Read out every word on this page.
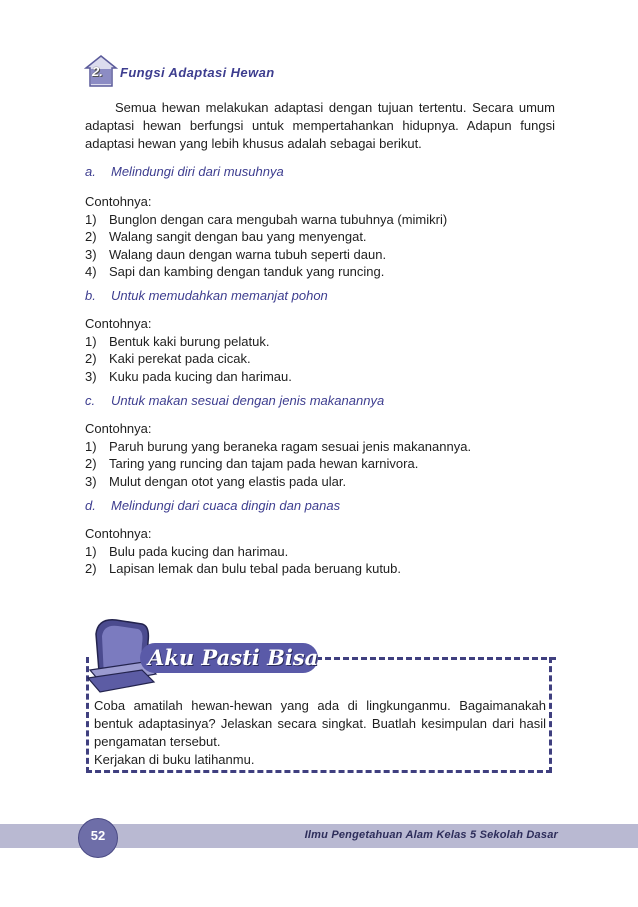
2. Fungsi Adaptasi Hewan
Semua hewan melakukan adaptasi dengan tujuan tertentu. Secara umum adaptasi hewan berfungsi untuk mempertahankan hidupnya. Adapun fungsi adaptasi hewan yang lebih khusus adalah sebagai berikut.
a. Melindungi diri dari musuhnya
Contohnya:
1) Bunglon dengan cara mengubah warna tubuhnya (mimikri)
2) Walang sangit dengan bau yang menyengat.
3) Walang daun dengan warna tubuh seperti daun.
4) Sapi dan kambing dengan tanduk yang runcing.
b. Untuk memudahkan memanjat pohon
Contohnya:
1) Bentuk kaki burung pelatuk.
2) Kaki perekat pada cicak.
3) Kuku pada kucing dan harimau.
c. Untuk makan sesuai dengan jenis makanannya
Contohnya:
1) Paruh burung yang beraneka ragam sesuai jenis makanannya.
2) Taring yang runcing dan tajam pada hewan karnivora.
3) Mulut dengan otot yang elastis pada ular.
d. Melindungi dari cuaca dingin dan panas
Contohnya:
1) Bulu pada kucing dan harimau.
2) Lapisan lemak dan bulu tebal pada beruang kutub.
Aku Pasti Bisa
Coba amatilah hewan-hewan yang ada di lingkunganmu. Bagaimanakah bentuk adaptasinya? Jelaskan secara singkat. Buatlah kesimpulan dari hasil pengamatan tersebut.
Kerjakan di buku latihanmu.
52	Ilmu Pengetahuan Alam Kelas 5 Sekolah Dasar
